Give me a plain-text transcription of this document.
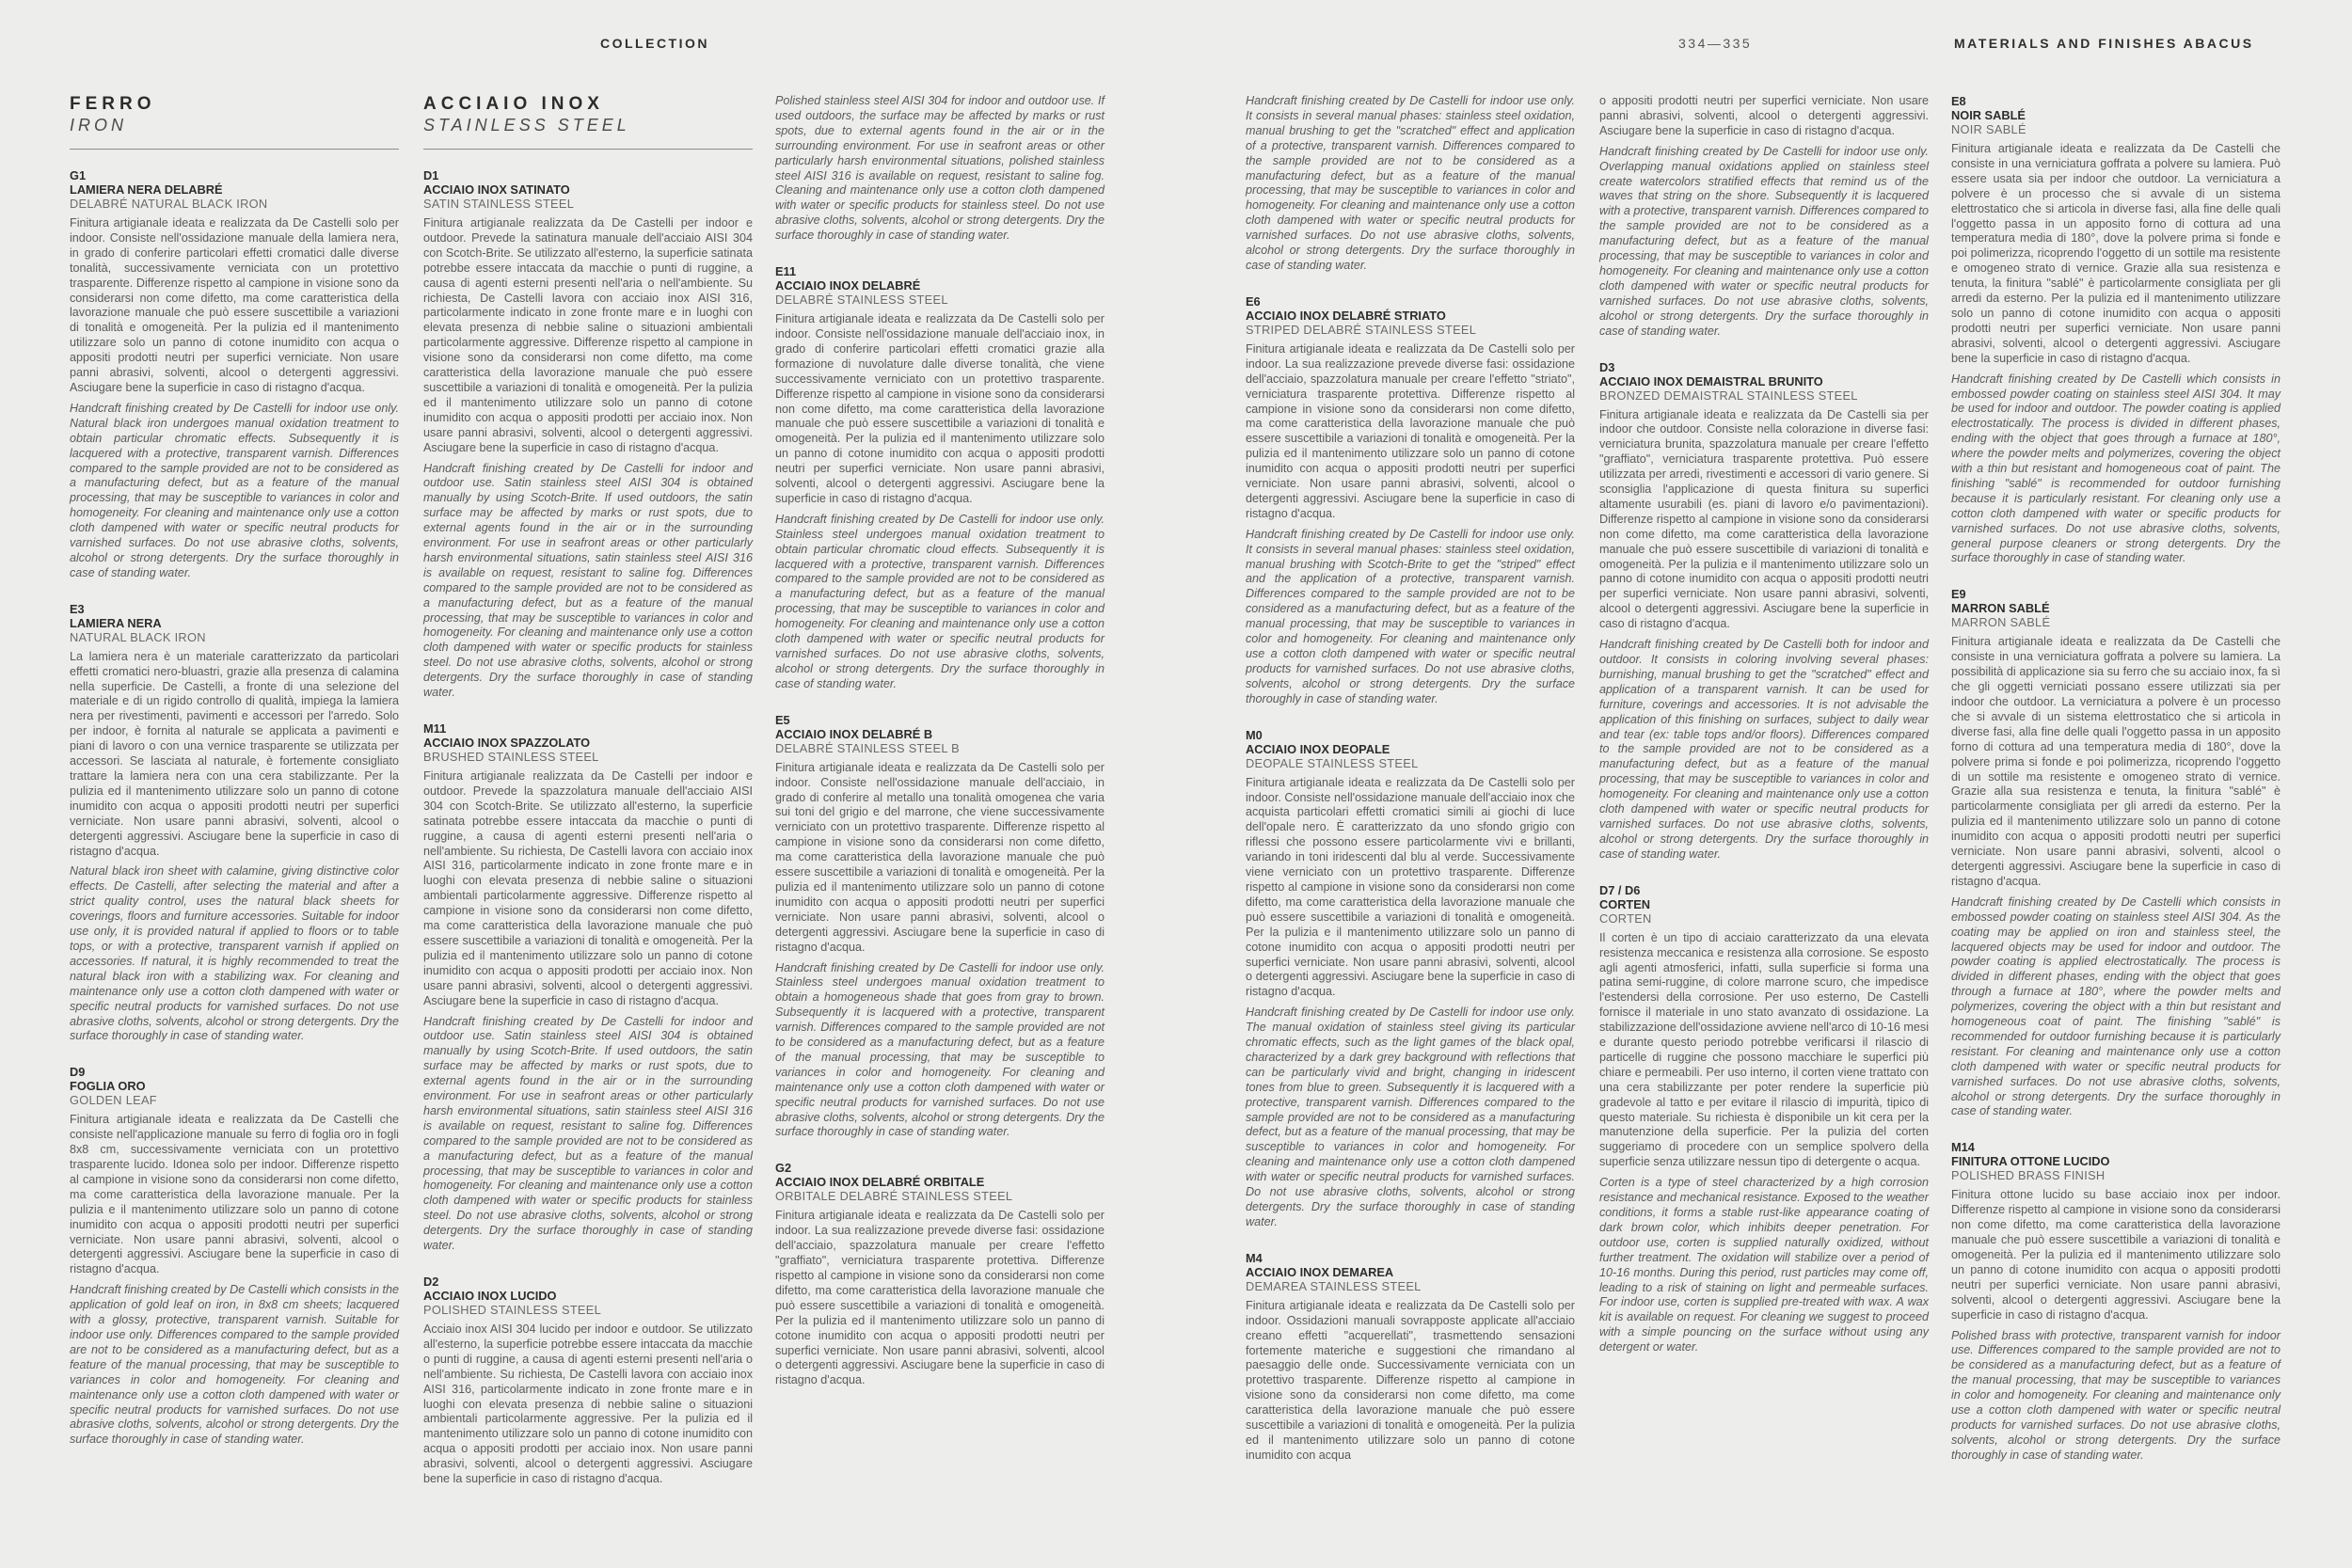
COLLECTION	334—335	MATERIALS AND FINISHES ABACUS
FERRO
IRON
G1
LAMIERA NERA DELABRÉ
DELABRÉ NATURAL BLACK IRON

Finitura artigianale ideata e realizzata da De Castelli solo per indoor. Consiste nell'ossidazione manuale della lamiera nera, in grado di conferire particolari effetti cromatici dalle diverse tonalità, successivamente verniciata con un protettivo trasparente. Differenze rispetto al campione in visione sono da considerarsi non come difetto, ma come caratteristica della lavorazione manuale che può essere suscettibile a variazioni di tonalità e omogeneità. Per la pulizia ed il mantenimento utilizzare solo un panno di cotone inumidito con acqua o appositi prodotti neutri per superfici verniciate. Non usare panni abrasivi, solventi, alcool o detergenti aggressivi. Asciugare bene la superficie in caso di ristagno d'acqua.

Handcraft finishing created by De Castelli for indoor use only. Natural black iron undergoes manual oxidation treatment to obtain particular chromatic effects. Subsequently it is lacquered with a protective, transparent varnish. Differences compared to the sample provided are not to be considered as a manufacturing defect, but as a feature of the manual processing, that may be susceptible to variances in color and homogeneity. For cleaning and maintenance only use a cotton cloth dampened with water or specific neutral products for varnished surfaces. Do not use abrasive cloths, solvents, alcohol or strong detergents. Dry the surface thoroughly in case of standing water.

E3
LAMIERA NERA
NATURAL BLACK IRON

La lamiera nera è un materiale caratterizzato da particolari effetti cromatici nero-bluastri, grazie alla presenza di calamina nella superficie. De Castelli, a fronte di una selezione del materiale e di un rigido controllo di qualità, impiega la lamiera nera per rivestimenti, pavimenti e accessori per l'arredo. Solo per indoor, è fornita al naturale se applicata a pavimenti e piani di lavoro o con una vernice trasparente se utilizzata per accessori. Se lasciata al naturale, è fortemente consigliato trattare la lamiera nera con una cera stabilizzante. Per la pulizia ed il mantenimento utilizzare solo un panno di cotone inumidito con acqua o appositi prodotti neutri per superfici verniciate. Non usare panni abrasivi, solventi, alcool o detergenti aggressivi. Asciugare bene la superficie in caso di ristagno d'acqua.

Natural black iron sheet with calamine, giving distinctive color effects. De Castelli, after selecting the material and after a strict quality control, uses the natural black sheets for coverings, floors and furniture accessories. Suitable for indoor use only, it is provided natural if applied to floors or to table tops, or with a protective, transparent varnish if applied on accessories. If natural, it is highly recommended to treat the natural black iron with a stabilizing wax. For cleaning and maintenance only use a cotton cloth dampened with water or specific neutral products for varnished surfaces. Do not use abrasive cloths, solvents, alcohol or strong detergents. Dry the surface thoroughly in case of standing water.

D9
FOGLIA ORO
GOLDEN LEAF

Finitura artigianale ideata e realizzata da De Castelli che consiste nell'applicazione manuale su ferro di foglia oro in fogli 8x8 cm, successivamente verniciata con un protettivo trasparente lucido. Idonea solo per indoor. Differenze rispetto al campione in visione sono da considerarsi non come difetto, ma come caratteristica della lavorazione manuale. Per la pulizia e il mantenimento utilizzare solo un panno di cotone inumidito con acqua o appositi prodotti neutri per superfici verniciate. Non usare panni abrasivi, solventi, alcool o detergenti aggressivi. Asciugare bene la superficie in caso di ristagno d'acqua.

Handcraft finishing created by De Castelli which consists in the application of gold leaf on iron, in 8x8 cm sheets; lacquered with a glossy, protective, transparent varnish. Suitable for indoor use only. Differences compared to the sample provided are not to be considered as a manufacturing defect, but as a feature of the manual processing, that may be susceptible to variances in color and homogeneity. For cleaning and maintenance only use a cotton cloth dampened with water or specific neutral products for varnished surfaces. Do not use abrasive cloths, solvents, alcohol or strong detergents. Dry the surface thoroughly in case of standing water.

ACCIAIO INOX
STAINLESS STEEL
D1
ACCIAIO INOX SATINATO
SATIN STAINLESS STEEL

Finitura artigianale realizzata da De Castelli per indoor e outdoor. Prevede la satinatura manuale dell'acciaio AISI 304 con Scotch-Brite. Se utilizzato all'esterno, la superficie satinata potrebbe essere intaccata da macchie o punti di ruggine, a causa di agenti esterni presenti nell'aria o nell'ambiente. Su richiesta, De Castelli lavora con acciaio inox AISI 316, particolarmente indicato in zone fronte mare e in luoghi con elevata presenza di nebbie saline o situazioni ambientali particolarmente aggressive. Differenze rispetto al campione in visione sono da considerarsi non come difetto, ma come caratteristica della lavorazione manuale che può essere suscettibile a variazioni di tonalità e omogeneità. Per la pulizia ed il mantenimento utilizzare solo un panno di cotone inumidito con acqua o appositi prodotti per acciaio inox. Non usare panni abrasivi, solventi, alcool o detergenti aggressivi. Asciugare bene la superficie in caso di ristagno d'acqua.

Handcraft finishing created by De Castelli for indoor and outdoor use. Satin stainless steel AISI 304 is obtained manually by using Scotch-Brite. If used outdoors, the satin surface may be affected by marks or rust spots, due to external agents found in the air or in the surrounding environment. For use in seafront areas or other particularly harsh environmental situations, satin stainless steel AISI 316 is available on request, resistant to saline fog. Differences compared to the sample provided are not to be considered as a manufacturing defect, but as a feature of the manual processing, that may be susceptible to variances in color and homogeneity. For cleaning and maintenance only use a cotton cloth dampened with water or specific products for stainless steel. Do not use abrasive cloths, solvents, alcohol or strong detergents. Dry the surface thoroughly in case of standing water.

M11
ACCIAIO INOX SPAZZOLATO
BRUSHED STAINLESS STEEL

Finitura artigianale realizzata da De Castelli per indoor e outdoor. Prevede la spazzolatura manuale dell'acciaio AISI 304 con Scotch-Brite. Se utilizzato all'esterno, la superficie satinata potrebbe essere intaccata da macchie o punti di ruggine, a causa di agenti esterni presenti nell'aria o nell'ambiente. Su richiesta, De Castelli lavora con acciaio inox AISI 316, particolarmente indicato in zone fronte mare e in luoghi con elevata presenza di nebbie saline o situazioni ambientali particolarmente aggressive. Differenze rispetto al campione in visione sono da considerarsi non come difetto, ma come caratteristica della lavorazione manuale che può essere suscettibile a variazioni di tonalità e omogeneità. Per la pulizia ed il mantenimento utilizzare solo un panno di cotone inumidito con acqua o appositi prodotti per acciaio inox. Non usare panni abrasivi, solventi, alcool o detergenti aggressivi. Asciugare bene la superficie in caso di ristagno d'acqua.

Handcraft finishing created by De Castelli for indoor and outdoor use. Satin stainless steel AISI 304 is obtained manually by using Scotch-Brite. If used outdoors, the satin surface may be affected by marks or rust spots, due to external agents found in the air or in the surrounding environment. For use in seafront areas or other particularly harsh environmental situations, satin stainless steel AISI 316 is available on request, resistant to saline fog. Differences compared to the sample provided are not to be considered as a manufacturing defect, but as a feature of the manual processing, that may be susceptible to variances in color and homogeneity. For cleaning and maintenance only use a cotton cloth dampened with water or specific products for stainless steel. Do not use abrasive cloths, solvents, alcohol or strong detergents. Dry the surface thoroughly in case of standing water.

D2
ACCIAIO INOX LUCIDO
POLISHED STAINLESS STEEL

Acciaio inox AISI 304 lucido per indoor e outdoor. Se utilizzato all'esterno, la superficie potrebbe essere intaccata da macchie o punti di ruggine, a causa di agenti esterni presenti nell'aria o nell'ambiente. Su richiesta, De Castelli lavora con acciaio inox AISI 316, particolarmente indicato in zone fronte mare e in luoghi con elevata presenza di nebbie saline o situazioni ambientali particolarmente aggressive. Per la pulizia ed il mantenimento utilizzare solo un panno di cotone inumidito con acqua o appositi prodotti per acciaio inox. Non usare panni abrasivi, solventi, alcool o detergenti aggressivi. Asciugare bene la superficie in caso di ristagno d'acqua.

Polished stainless steel AISI 304 for indoor and outdoor use. If used outdoors, the surface may be affected by marks or rust spots, due to external agents found in the air or in the surrounding environment. For use in seafront areas or other particularly harsh environmental situations, polished stainless steel AISI 316 is available on request, resistant to saline fog. Cleaning and maintenance only use a cotton cloth dampened with water or specific products for stainless steel. Do not use abrasive cloths, solvents, alcohol or strong detergents. Dry the surface thoroughly in case of standing water.

E11
ACCIAIO INOX DELABRÉ
DELABRÉ STAINLESS STEEL

Finitura artigianale ideata e realizzata da De Castelli solo per indoor. Consiste nell'ossidazione manuale dell'acciaio inox, in grado di conferire particolari effetti cromatici grazie alla formazione di nuvolature dalle diverse tonalità, che viene successivamente verniciato con un protettivo trasparente. Differenze rispetto al campione in visione sono da considerarsi non come difetto, ma come caratteristica della lavorazione manuale che può essere suscettibile a variazioni di tonalità e omogeneità. Per la pulizia ed il mantenimento utilizzare solo un panno di cotone inumidito con acqua o appositi prodotti neutri per superfici verniciate. Non usare panni abrasivi, solventi, alcool o detergenti aggressivi. Asciugare bene la superficie in caso di ristagno d'acqua.

Handcraft finishing created by De Castelli for indoor use only. Stainless steel undergoes manual oxidation treatment to obtain particular chromatic cloud effects. Subsequently it is lacquered with a protective, transparent varnish. Differences compared to the sample provided are not to be considered as a manufacturing defect, but as a feature of the manual processing, that may be susceptible to variances in color and homogeneity. For cleaning and maintenance only use a cotton cloth dampened with water or specific neutral products for varnished surfaces. Do not use abrasive cloths, solvents, alcohol or strong detergents. Dry the surface thoroughly in case of standing water.

E5
ACCIAIO INOX DELABRÉ B
DELABRÉ STAINLESS STEEL B

Finitura artigianale ideata e realizzata da De Castelli solo per indoor. Consiste nell'ossidazione manuale dell'acciaio, in grado di conferire al metallo una tonalità omogenea che varia sui toni del grigio e del marrone, che viene successivamente verniciato con un protettivo trasparente. Differenze rispetto al campione in visione sono da considerarsi non come difetto, ma come caratteristica della lavorazione manuale che può essere suscettibile a variazioni di tonalità e omogeneità. Per la pulizia ed il mantenimento utilizzare solo un panno di cotone inumidito con acqua o appositi prodotti neutri per superfici verniciate. Non usare panni abrasivi, solventi, alcool o detergenti aggressivi. Asciugare bene la superficie in caso di ristagno d'acqua.

Handcraft finishing created by De Castelli for indoor use only. Stainless steel undergoes manual oxidation treatment to obtain a homogeneous shade that goes from gray to brown. Subsequently it is lacquered with a protective, transparent varnish. Differences compared to the sample provided are not to be considered as a manufacturing defect, but as a feature of the manual processing, that may be susceptible to variances in color and homogeneity. For cleaning and maintenance only use a cotton cloth dampened with water or specific neutral products for varnished surfaces. Do not use abrasive cloths, solvents, alcohol or strong detergents. Dry the surface thoroughly in case of standing water.

G2
ACCIAIO INOX DELABRÉ ORBITALE
ORBITALE DELABRÉ STAINLESS STEEL

Finitura artigianale ideata e realizzata da De Castelli solo per indoor. La sua realizzazione prevede diverse fasi: ossidazione dell'acciaio, spazzolatura manuale per creare l'effetto "graffiato", verniciatura trasparente protettiva. Differenze rispetto al campione in visione sono da considerarsi non come difetto, ma come caratteristica della lavorazione manuale che può essere suscettibile a variazioni di tonalità e omogeneità. Per la pulizia ed il mantenimento utilizzare solo un panno di cotone inumidito con acqua o appositi prodotti neutri per superfici verniciate. Non usare panni abrasivi, solventi, alcool o detergenti aggressivi. Asciugare bene la superficie in caso di ristagno d'acqua.

Handcraft finishing created by De Castelli for indoor use only. It consists in several manual phases: stainless steel oxidation, manual brushing to get the "scratched" effect and application of a protective, transparent varnish. Differences compared to the sample provided are not to be considered as a manufacturing defect, but as a feature of the manual processing, that may be susceptible to variances in color and homogeneity. For cleaning and maintenance only use a cotton cloth dampened with water or specific neutral products for varnished surfaces. Do not use abrasive cloths, solvents, alcohol or strong detergents. Dry the surface thoroughly in case of standing water.

E6
ACCIAIO INOX DELABRÉ STRIATO
STRIPED DELABRÉ STAINLESS STEEL

Finitura artigianale ideata e realizzata da De Castelli solo per indoor. La sua realizzazione prevede diverse fasi: ossidazione dell'acciaio, spazzolatura manuale per creare l'effetto "striato", verniciatura trasparente protettiva. Differenze rispetto al campione in visione sono da considerarsi non come difetto, ma come caratteristica della lavorazione manuale che può essere suscettibile a variazioni di tonalità e omogeneità. Per la pulizia ed il mantenimento utilizzare solo un panno di cotone inumidito con acqua o appositi prodotti neutri per superfici verniciate. Non usare panni abrasivi, solventi, alcool o detergenti aggressivi. Asciugare bene la superficie in caso di ristagno d'acqua.

Handcraft finishing created by De Castelli for indoor use only. It consists in several manual phases: stainless steel oxidation, manual brushing with Scotch-Brite to get the "striped" effect and the application of a protective, transparent varnish. Differences compared to the sample provided are not to be considered as a manufacturing defect, but as a feature of the manual processing, that may be susceptible to variances in color and homogeneity. For cleaning and maintenance only use a cotton cloth dampened with water or specific neutral products for varnished surfaces. Do not use abrasive cloths, solvents, alcohol or strong detergents. Dry the surface thoroughly in case of standing water.

M0
ACCIAIO INOX DEOPALE
DEOPALE STAINLESS STEEL

Finitura artigianale ideata e realizzata da De Castelli solo per indoor. Consiste nell'ossidazione manuale dell'acciaio inox che acquista particolari effetti cromatici simili ai giochi di luce dell'opale nero. È caratterizzato da uno sfondo grigio con riflessi che possono essere particolarmente vivi e brillanti, variando in toni iridescenti dal blu al verde. Successivamente viene verniciato con un protettivo trasparente. Differenze rispetto al campione in visione sono da considerarsi non come difetto, ma come caratteristica della lavorazione manuale che può essere suscettibile a variazioni di tonalità e omogeneità. Per la pulizia e il mantenimento utilizzare solo un panno di cotone inumidito con acqua o appositi prodotti neutri per superfici verniciate. Non usare panni abrasivi, solventi, alcool o detergenti aggressivi. Asciugare bene la superficie in caso di ristagno d'acqua.

Handcraft finishing created by De Castelli for indoor use only. The manual oxidation of stainless steel giving its particular chromatic effects, such as the light games of the black opal, characterized by a dark grey background with reflections that can be particularly vivid and bright, changing in iridescent tones from blue to green. Subsequently it is lacquered with a protective, transparent varnish. Differences compared to the sample provided are not to be considered as a manufacturing defect, but as a feature of the manual processing, that may be susceptible to variances in color and homogeneity. For cleaning and maintenance only use a cotton cloth dampened with water or specific neutral products for varnished surfaces. Do not use abrasive cloths, solvents, alcohol or strong detergents. Dry the surface thoroughly in case of standing water.

M4
ACCIAIO INOX DEMAREA
DEMAREA STAINLESS STEEL

Finitura artigianale ideata e realizzata da De Castelli solo per indoor. Ossidazioni manuali sovrapposte applicate all'acciaio creano effetti "acquerellati", trasmettendo sensazioni fortemente materiche e suggestioni che rimandano al paesaggio delle onde. Successivamente verniciata con un protettivo trasparente. Differenze rispetto al campione in visione sono da considerarsi non come difetto, ma come caratteristica della lavorazione manuale che può essere suscettibile a variazioni di tonalità e omogeneità. Per la pulizia ed il mantenimento utilizzare solo un panno di cotone inumidito con acqua

o appositi prodotti neutri per superfici verniciate. Non usare panni abrasivi, solventi, alcool o detergenti aggressivi. Asciugare bene la superficie in caso di ristagno d'acqua.

Handcraft finishing created by De Castelli for indoor use only. Overlapping manual oxidations applied on stainless steel create watercolors stratified effects that remind us of the waves that string on the shore. Subsequently it is lacquered with a protective, transparent varnish. Differences compared to the sample provided are not to be considered as a manufacturing defect, but as a feature of the manual processing, that may be susceptible to variances in color and homogeneity. For cleaning and maintenance only use a cotton cloth dampened with water or specific neutral products for varnished surfaces. Do not use abrasive cloths, solvents, alcohol or strong detergents. Dry the surface thoroughly in case of standing water.

D3
ACCIAIO INOX DEMAISTRAL BRUNITO
BRONZED DEMAISTRAL STAINLESS STEEL

Finitura artigianale ideata e realizzata da De Castelli sia per indoor che outdoor. Consiste nella colorazione in diverse fasi: verniciatura brunita, spazzolatura manuale per creare l'effetto "graffiato", verniciatura trasparente protettiva. Può essere utilizzata per arredi, rivestimenti e accessori di vario genere. Si sconsiglia l'applicazione di questa finitura su superfici altamente usurabili (es. piani di lavoro e/o pavimentazioni). Differenze rispetto al campione in visione sono da considerarsi non come difetto, ma come caratteristica della lavorazione manuale che può essere suscettibile di variazioni di tonalità e omogeneità. Per la pulizia e il mantenimento utilizzare solo un panno di cotone inumidito con acqua o appositi prodotti neutri per superfici verniciate. Non usare panni abrasivi, solventi, alcool o detergenti aggressivi. Asciugare bene la superficie in caso di ristagno d'acqua.

Handcraft finishing created by De Castelli both for indoor and outdoor. It consists in coloring involving several phases: burnishing, manual brushing to get the "scratched" effect and application of a transparent varnish. It can be used for furniture, coverings and accessories. It is not advisable the application of this finishing on surfaces, subject to daily wear and tear (ex: table tops and/or floors). Differences compared to the sample provided are not to be considered as a manufacturing defect, but as a feature of the manual processing, that may be susceptible to variances in color and homogeneity. For cleaning and maintenance only use a cotton cloth dampened with water or specific neutral products for varnished surfaces. Do not use abrasive cloths, solvents, alcohol or strong detergents. Dry the surface thoroughly in case of standing water.

D7 / D6
CORTEN
CORTEN

Il corten è un tipo di acciaio caratterizzato da una elevata resistenza meccanica e resistenza alla corrosione. Se esposto agli agenti atmosferici, infatti, sulla superficie si forma una patina semi-ruggine, di colore marrone scuro, che impedisce l'estendersi della corrosione. Per uso esterno, De Castelli fornisce il materiale in uno stato avanzato di ossidazione. La stabilizzazione dell'ossidazione avviene nell'arco di 10-16 mesi e durante questo periodo potrebbe verificarsi il rilascio di particelle di ruggine che possono macchiare le superfici più chiare e permeabili. Per uso interno, il corten viene trattato con una cera stabilizzante per poter rendere la superficie più gradevole al tatto e per evitare il rilascio di impurità, tipico di questo materiale. Su richiesta è disponibile un kit cera per la manutenzione della superficie. Per la pulizia del corten suggeriamo di procedere con un semplice spolvero della superficie senza utilizzare nessun tipo di detergente o acqua.

Corten is a type of steel characterized by a high corrosion resistance and mechanical resistance. Exposed to the weather conditions, it forms a stable rust-like appearance coating of dark brown color, which inhibits deeper penetration. For outdoor use, corten is supplied naturally oxidized, without further treatment. The oxidation will stabilize over a period of 10-16 months. During this period, rust particles may come off, leading to a risk of staining on light and permeable surfaces. For indoor use, corten is supplied pre-treated with wax. A wax kit is available on request. For cleaning we suggest to proceed with a simple pouncing on the surface without using any detergent or water.

E8
NOIR SABLÉ
NOIR SABLÉ

Finitura artigianale ideata e realizzata da De Castelli che consiste in una verniciatura goffrata a polvere su lamiera. Può essere usata sia per indoor che outdoor. La verniciatura a polvere è un processo che si avvale di un sistema elettrostatico che si articola in diverse fasi, alla fine delle quali l'oggetto passa in un apposito forno di cottura ad una temperatura media di 180°, dove la polvere prima si fonde e poi polimerizza, ricoprendo l'oggetto di un sottile ma resistente e omogeneo strato di vernice. Grazie alla sua resistenza e tenuta, la finitura "sablé" è particolarmente consigliata per gli arredi da esterno. Per la pulizia ed il mantenimento utilizzare solo un panno di cotone inumidito con acqua o appositi prodotti neutri per superfici verniciate. Non usare panni abrasivi, solventi, alcool o detergenti aggressivi. Asciugare bene la superficie in caso di ristagno d'acqua.

Handcraft finishing created by De Castelli which consists in embossed powder coating on stainless steel AISI 304. It may be used for indoor and outdoor. The powder coating is applied electrostatically. The process is divided in different phases, ending with the object that goes through a furnace at 180°, where the powder melts and polymerizes, covering the object with a thin but resistant and homogeneous coat of paint. The finishing "sablé" is recommended for outdoor furnishing because it is particularly resistant. For cleaning only use a cotton cloth dampened with water or specific products for varnished surfaces. Do not use abrasive cloths, solvents, general purpose cleaners or strong detergents. Dry the surface thoroughly in case of standing water.

E9
MARRON SABLÉ
MARRON SABLÉ

Finitura artigianale ideata e realizzata da De Castelli che consiste in una verniciatura goffrata a polvere su lamiera. La possibilità di applicazione sia su ferro che su acciaio inox, fa sì che gli oggetti verniciati possano essere utilizzati sia per indoor che outdoor. La verniciatura a polvere è un processo che si avvale di un sistema elettrostatico che si articola in diverse fasi, alla fine delle quali l'oggetto passa in un apposito forno di cottura ad una temperatura media di 180°, dove la polvere prima si fonde e poi polimerizza, ricoprendo l'oggetto di un sottile ma resistente e omogeneo strato di vernice. Grazie alla sua resistenza e tenuta, la finitura "sablé" è particolarmente consigliata per gli arredi da esterno. Per la pulizia ed il mantenimento utilizzare solo un panno di cotone inumidito con acqua o appositi prodotti neutri per superfici verniciate. Non usare panni abrasivi, solventi, alcool o detergenti aggressivi. Asciugare bene la superficie in caso di ristagno d'acqua.

Handcraft finishing created by De Castelli which consists in embossed powder coating on stainless steel AISI 304. As the coating may be applied on iron and stainless steel, the lacquered objects may be used for indoor and outdoor. The powder coating is applied electrostatically. The process is divided in different phases, ending with the object that goes through a furnace at 180°, where the powder melts and polymerizes, covering the object with a thin but resistant and homogeneous coat of paint. The finishing "sablé" is recommended for outdoor furnishing because it is particularly resistant. For cleaning and maintenance only use a cotton cloth dampened with water or specific neutral products for varnished surfaces. Do not use abrasive cloths, solvents, alcohol or strong detergents. Dry the surface thoroughly in case of standing water.

M14
FINITURA OTTONE LUCIDO
POLISHED BRASS FINISH

Finitura ottone lucido su base acciaio inox per indoor. Differenze rispetto al campione in visione sono da considerarsi non come difetto, ma come caratteristica della lavorazione manuale che può essere suscettibile a variazioni di tonalità e omogeneità. Per la pulizia ed il mantenimento utilizzare solo un panno di cotone inumidito con acqua o appositi prodotti neutri per superfici verniciate. Non usare panni abrasivi, solventi, alcool o detergenti aggressivi. Asciugare bene la superficie in caso di ristagno d'acqua.

Polished brass with protective, transparent varnish for indoor use. Differences compared to the sample provided are not to be considered as a manufacturing defect, but as a feature of the manual processing, that may be susceptible to variances in color and homogeneity. For cleaning and maintenance only use a cotton cloth dampened with water or specific neutral products for varnished surfaces. Do not use abrasive cloths, solvents, alcohol or strong detergents. Dry the surface thoroughly in case of standing water.
